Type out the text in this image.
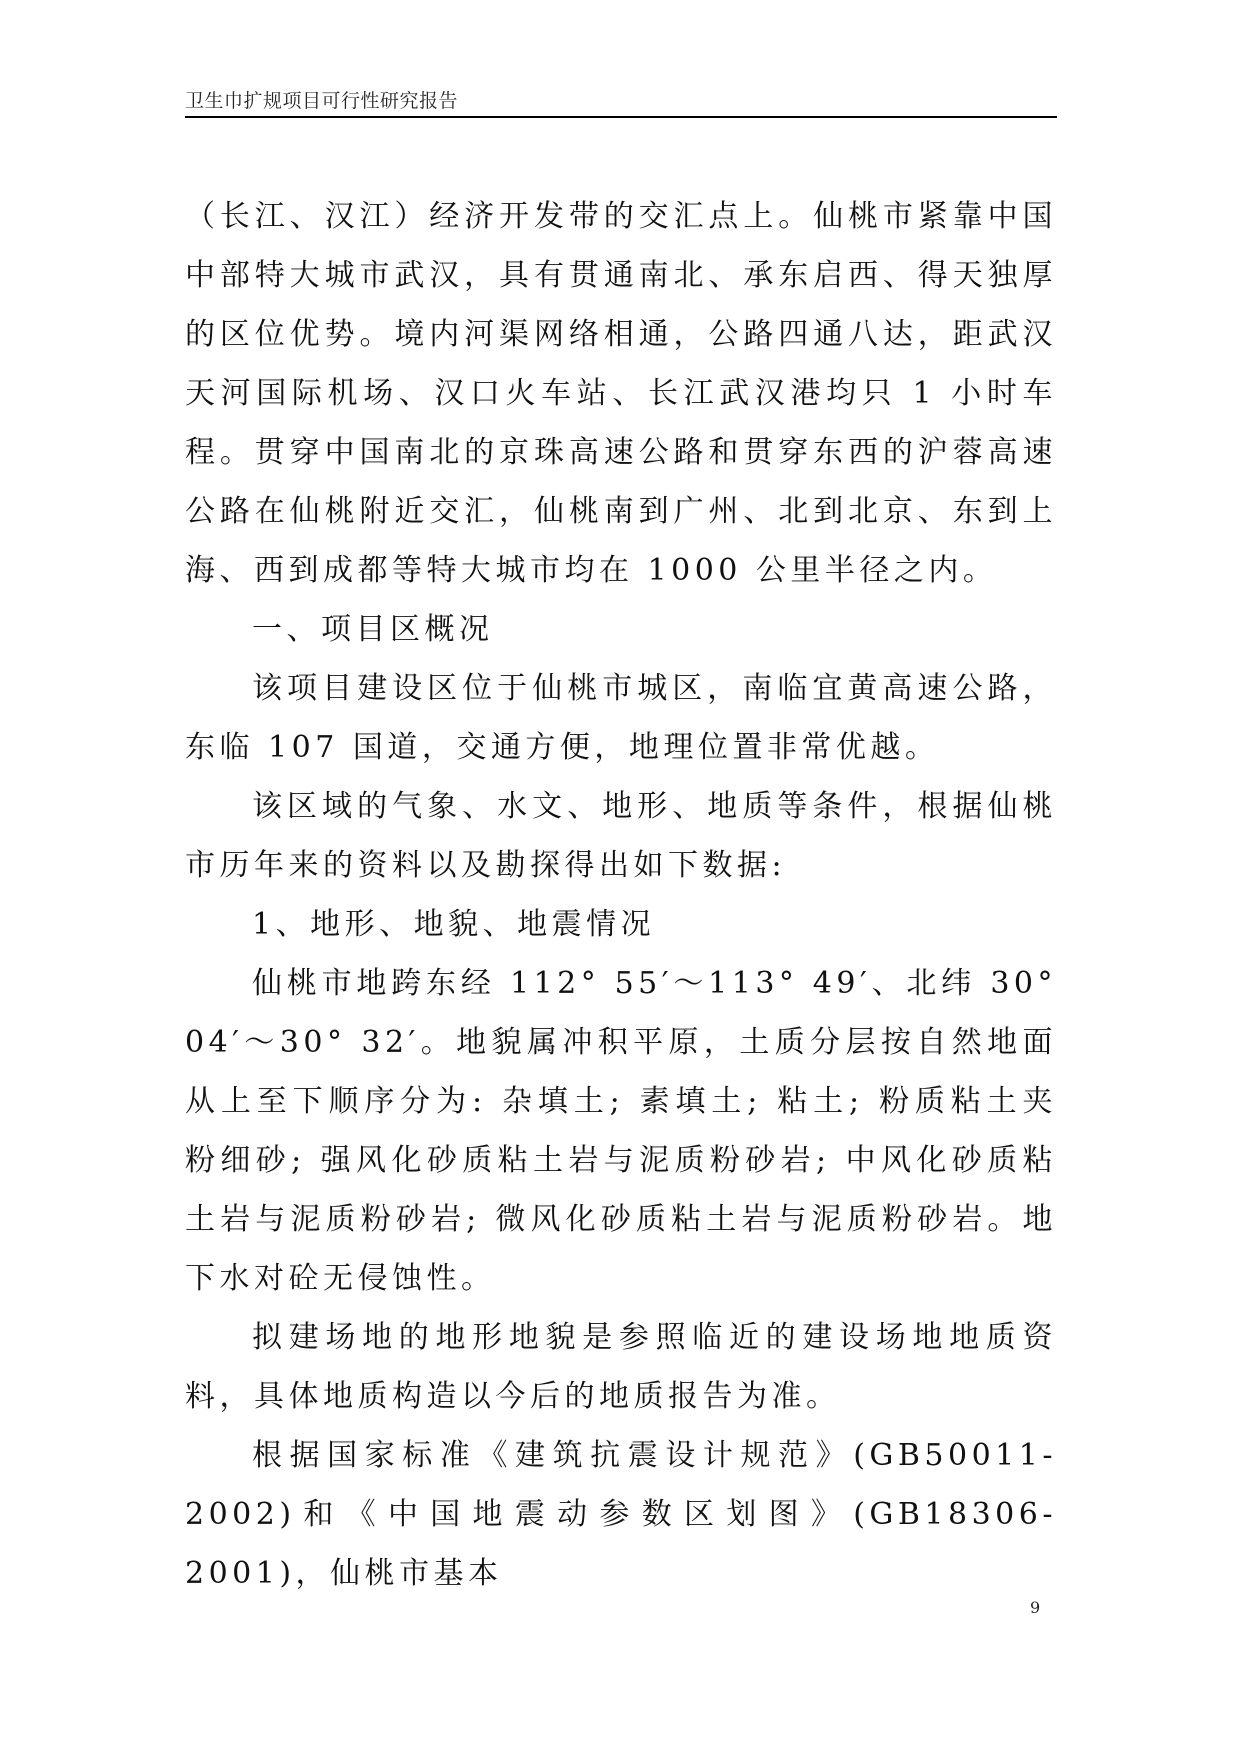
卫生巾扩规项目可行性研究报告

（长江、汉江）经济开发带的交汇点上。仙桃市紧靠中国中部特大城市武汉，具有贯通南北、承东启西、得天独厚的区位优势。境内河渠网络相通，公路四通八达，距武汉天河国际机场、汉口火车站、长江武汉港均只 1 小时车程。贯穿中国南北的京珠高速公路和贯穿东西的沪蓉高速公路在仙桃附近交汇，仙桃南到广州、北到北京、东到上海、西到成都等特大城市均在 1000 公里半径之内。

一、项目区概况

该项目建设区位于仙桃市城区，南临宜黄高速公路，东临 107 国道，交通方便，地理位置非常优越。

该区域的气象、水文、地形、地质等条件，根据仙桃市历年来的资料以及勘探得出如下数据:

1、地形、地貌、地震情况

仙桃市地跨东经 112° 55′～113° 49′、北纬 30° 04′～30° 32′。地貌属冲积平原，土质分层按自然地面从上至下顺序分为: 杂填土; 素填土; 粘土; 粉质粘土夹粉细砂; 强风化砂质粘土岩与泥质粉砂岩; 中风化砂质粘土岩与泥质粉砂岩; 微风化砂质粘土岩与泥质粉砂岩。地下水对砼无侵蚀性。

拟建场地的地形地貌是参照临近的建设场地地质资料，具体地质构造以今后的地质报告为准。

根据国家标准《建筑抗震设计规范》(GB50011-2002)和《中国地震动参数区划图》(GB18306-2001)，仙桃市基本

9
